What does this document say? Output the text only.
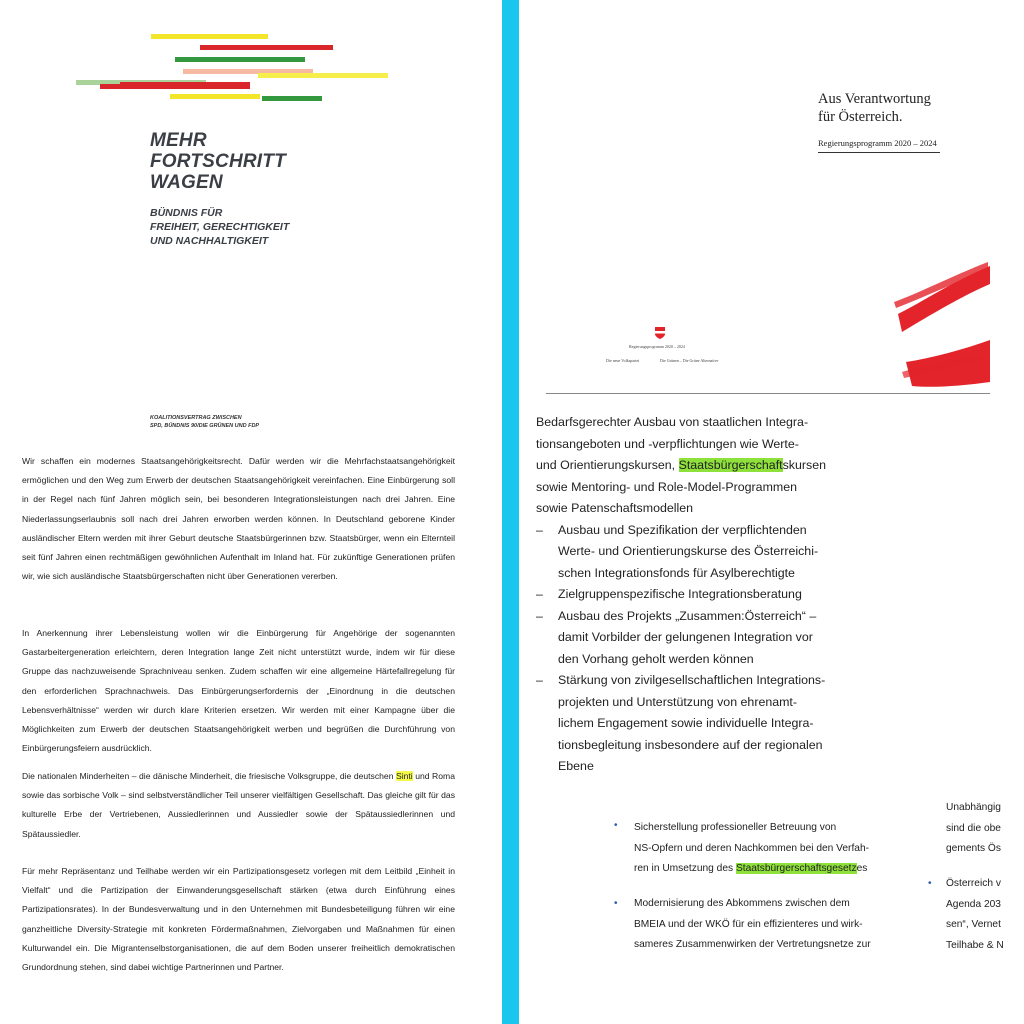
MEHR
FORTSCHRITT
WAGEN
BÜNDNIS FÜR
FREIHEIT, GERECHTIGKEIT
UND NACHHALTIGKEIT
KOALITIONSVERTRAG ZWISCHEN
SPD, BÜNDNIS 90/DIE GRÜNEN UND FDP
Wir schaffen ein modernes Staatsangehörigkeitsrecht. Dafür werden wir die Mehrfachstaatsangehörigkeit ermöglichen und den Weg zum Erwerb der deutschen Staatsangehörigkeit vereinfachen. Eine Einbürgerung soll in der Regel nach fünf Jahren möglich sein, bei besonderen Integrationsleistungen nach drei Jahren. Eine Niederlassungserlaubnis soll nach drei Jahren erworben werden können. In Deutschland geborene Kinder ausländischer Eltern werden mit ihrer Geburt deutsche Staatsbürgerinnen bzw. Staatsbürger, wenn ein Elternteil seit fünf Jahren einen rechtmäßigen gewöhnlichen Aufenthalt im Inland hat. Für zukünftige Generationen prüfen wir, wie sich ausländische Staatsbürgerschaften nicht über Generationen vererben.
In Anerkennung ihrer Lebensleistung wollen wir die Einbürgerung für Angehörige der sogenannten Gastarbeitergeneration erleichtern, deren Integration lange Zeit nicht unterstützt wurde, indem wir für diese Gruppe das nachzuweisende Sprachniveau senken. Zudem schaffen wir eine allgemeine Härtefallregelung für den erforderlichen Sprachnachweis. Das Einbürgerungserfordernis der „Einordnung in die deutschen Lebensverhältnisse“ werden wir durch klare Kriterien ersetzen. Wir werden mit einer Kampagne über die Möglichkeiten zum Erwerb der deutschen Staatsangehörigkeit werben und begrüßen die Durchführung von Einbürgerungsfeiern ausdrücklich.
Die nationalen Minderheiten – die dänische Minderheit, die friesische Volksgruppe, die deutschen Sinti und Roma sowie das sorbische Volk – sind selbstverständlicher Teil unserer vielfältigen Gesellschaft. Das gleiche gilt für das kulturelle Erbe der Vertriebenen, Aussiedlerinnen und Aussiedler sowie der Spätaussiedlerinnen und Spätaussiedler.
Für mehr Repräsentanz und Teilhabe werden wir ein Partizipationsgesetz vorlegen mit dem Leitbild „Einheit in Vielfalt“ und die Partizipation der Einwanderungsgesellschaft stärken (etwa durch Einführung eines Partizipationsrates). In der Bundesverwaltung und in den Unternehmen mit Bundesbeteiligung führen wir eine ganzheitliche Diversity-Strategie mit konkreten Fördermaßnahmen, Zielvorgaben und Maßnahmen für einen Kulturwandel ein. Die Migrantenselbstorganisationen, die auf dem Boden unserer freiheitlich demokratischen Grundordnung stehen, sind dabei wichtige Partnerinnen und Partner.
Aus Verantwortung
für Österreich.
Regierungsprogramm 2020 – 2024
Regierungsprogramm 2020 – 2024
Die neue Volkspartei	Die Grünen – Die Grüne Alternative
Bedarfsgerechter Ausbau von staatlichen Integra-
tionsangeboten und -verpflichtungen wie Werte-
und Orientierungskursen, Staatsbürgerschaftskursen
sowie Mentoring- und Role-Model-Programmen
sowie Patenschaftsmodellen
– Ausbau und Spezifikation der verpflichtenden
Werte- und Orientierungskurse des Österreichi-
schen Integrationsfonds für Asylberechtigte
– Zielgruppenspezifische Integrationsberatung
– Ausbau des Projekts „Zusammen:Österreich“ –
damit Vorbilder der gelungenen Integration vor
den Vorhang geholt werden können
– Stärkung von zivilgesellschaftlichen Integrations-
projekten und Unterstützung von ehrenamt-
lichem Engagement sowie individuelle Integra-
tionsbegleitung insbesondere auf der regionalen
Ebene
• Sicherstellung professioneller Betreuung von
NS-Opfern und deren Nachkommen bei den Verfah-
ren in Umsetzung des Staatsbürgerschaftsgesetzes
• Modernisierung des Abkommens zwischen dem
BMEIA und der WKÖ für ein effizienteres und wirk-
sameres Zusammenwirken der Vertretungsnetze zur
Unabhängig
sind die obe
gements Ös
• Österreich v
Agenda 203
sen“, Vernet
Teilhabe & N
